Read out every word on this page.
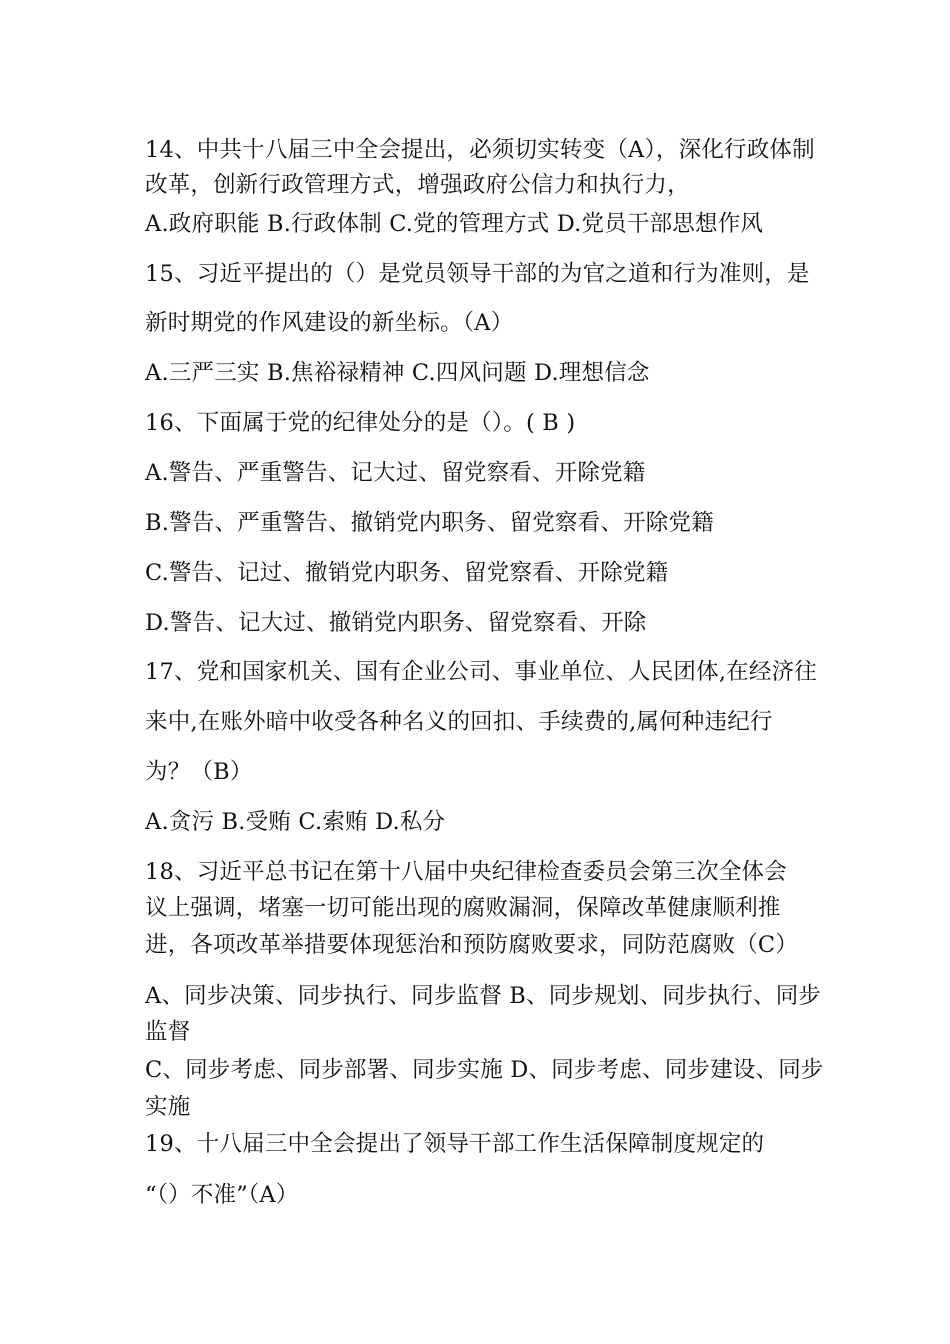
14、中共十八届三中全会提出，必须切实转变（A），深化行政体制
改革，创新行政管理方式，增强政府公信力和执行力，
A.政府职能 B.行政体制 C.党的管理方式 D.党员干部思想作风
15、习近平提出的（）是党员领导干部的为官之道和行为准则，是
新时期党的作风建设的新坐标。（A）
A.三严三实 B.焦裕禄精神 C.四风问题 D.理想信念
16、下面属于党的纪律处分的是（）。( B )
A.警告、严重警告、记大过、留党察看、开除党籍
B.警告、严重警告、撤销党内职务、留党察看、开除党籍
C.警告、记过、撤销党内职务、留党察看、开除党籍
D.警告、记大过、撤销党内职务、留党察看、开除
17、党和国家机关、国有企业公司、事业单位、人民团体,在经济往
来中,在账外暗中收受各种名义的回扣、手续费的,属何种违纪行
为？（B）
A.贪污 B.受贿 C.索贿 D.私分
18、习近平总书记在第十八届中央纪律检查委员会第三次全体会
议上强调，堵塞一切可能出现的腐败漏洞，保障改革健康顺利推
进，各项改革举措要体现惩治和预防腐败要求，同防范腐败（C）
A、同步决策、同步执行、同步监督 B、同步规划、同步执行、同步
监督
C、同步考虑、同步部署、同步实施 D、同步考虑、同步建设、同步
实施
19、十八届三中全会提出了领导干部工作生活保障制度规定的
“（）不准”（A）
